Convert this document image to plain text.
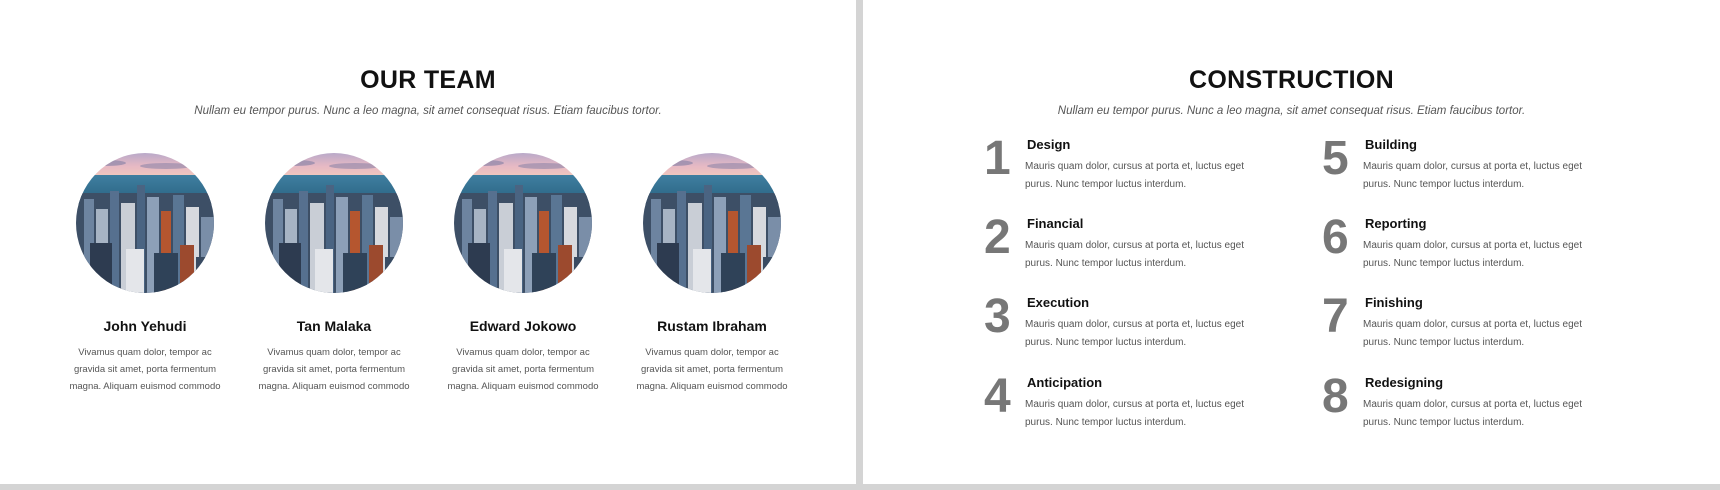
OUR TEAM
Nullam eu tempor purus. Nunc a leo magna, sit amet consequat risus. Etiam faucibus tortor.
John Yehudi
Vivamus quam dolor, tempor ac gravida sit amet, porta fermentum magna. Aliquam euismod commodo
Tan Malaka
Vivamus quam dolor, tempor ac gravida sit amet, porta fermentum magna. Aliquam euismod commodo
Edward Jokowo
Vivamus quam dolor, tempor ac gravida sit amet, porta fermentum magna. Aliquam euismod commodo
Rustam Ibraham
Vivamus quam dolor, tempor ac gravida sit amet, porta fermentum magna. Aliquam euismod commodo
CONSTRUCTION
Nullam eu tempor purus. Nunc a leo magna, sit amet consequat risus. Etiam faucibus tortor.
1 Design
Mauris quam dolor, cursus at porta et, luctus eget purus. Nunc tempor luctus interdum.
2 Financial
Mauris quam dolor, cursus at porta et, luctus eget purus. Nunc tempor luctus interdum.
3 Execution
Mauris quam dolor, cursus at porta et, luctus eget purus. Nunc tempor luctus interdum.
4 Anticipation
Mauris quam dolor, cursus at porta et, luctus eget purus. Nunc tempor luctus interdum.
5 Building
Mauris quam dolor, cursus at porta et, luctus eget purus. Nunc tempor luctus interdum.
6 Reporting
Mauris quam dolor, cursus at porta et, luctus eget purus. Nunc tempor luctus interdum.
7 Finishing
Mauris quam dolor, cursus at porta et, luctus eget purus. Nunc tempor luctus interdum.
8 Redesigning
Mauris quam dolor, cursus at porta et, luctus eget purus. Nunc tempor luctus interdum.
